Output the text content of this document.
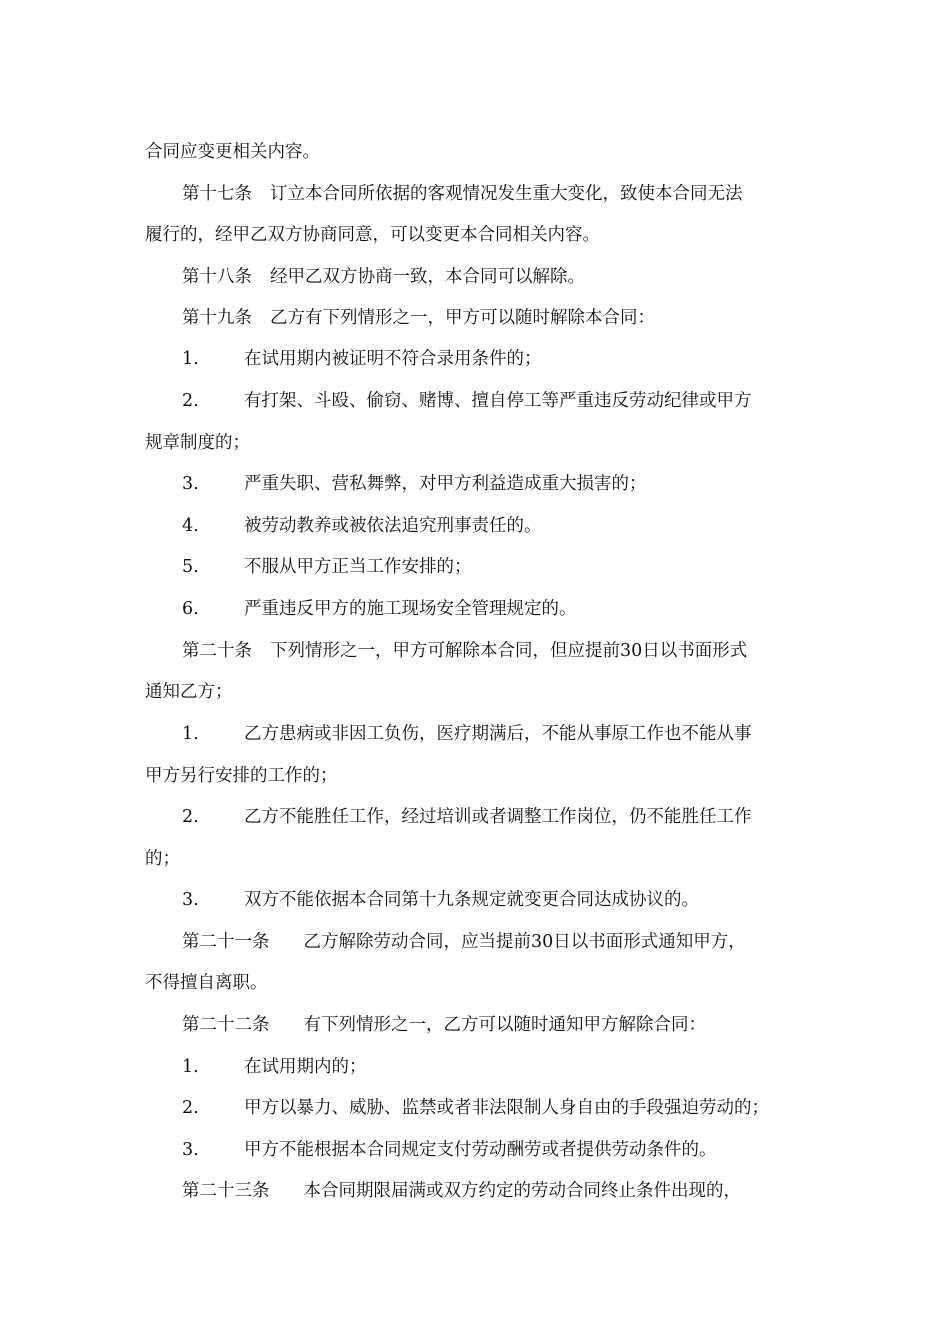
合同应变更相关内容。
第十七条 订立本合同所依据的客观情况发生重大变化，致使本合同无法
履行的，经甲乙双方协商同意，可以变更本合同相关内容。
第十八条 经甲乙双方协商一致，本合同可以解除。
第十九条 乙方有下列情形之一，甲方可以随时解除本合同：
1.	在试用期内被证明不符合录用条件的；
2.	有打架、斗殴、偷窃、赌博、擅自停工等严重违反劳动纪律或甲方
规章制度的；
3.	严重失职、营私舞弊，对甲方利益造成重大损害的；
4.	被劳动教养或被依法追究刑事责任的。
5.	不服从甲方正当工作安排的；
6.	严重违反甲方的施工现场安全管理规定的。
第二十条 下列情形之一，甲方可解除本合同，但应提前30日以书面形式
通知乙方；
1.	乙方患病或非因工负伤，医疗期满后，不能从事原工作也不能从事
甲方另行安排的工作的；
2.	乙方不能胜任工作，经过培训或者调整工作岗位，仍不能胜任工作
的；
3.	双方不能依据本合同第十九条规定就变更合同达成协议的。
第二十一条 乙方解除劳动合同，应当提前30日以书面形式通知甲方，
不得擅自离职。
第二十二条 有下列情形之一，乙方可以随时通知甲方解除合同：
1.	在试用期内的；
2.	甲方以暴力、威胁、监禁或者非法限制人身自由的手段强迫劳动的；
3.	甲方不能根据本合同规定支付劳动酬劳或者提供劳动条件的。
第二十三条 本合同期限届满或双方约定的劳动合同终止条件出现的，
